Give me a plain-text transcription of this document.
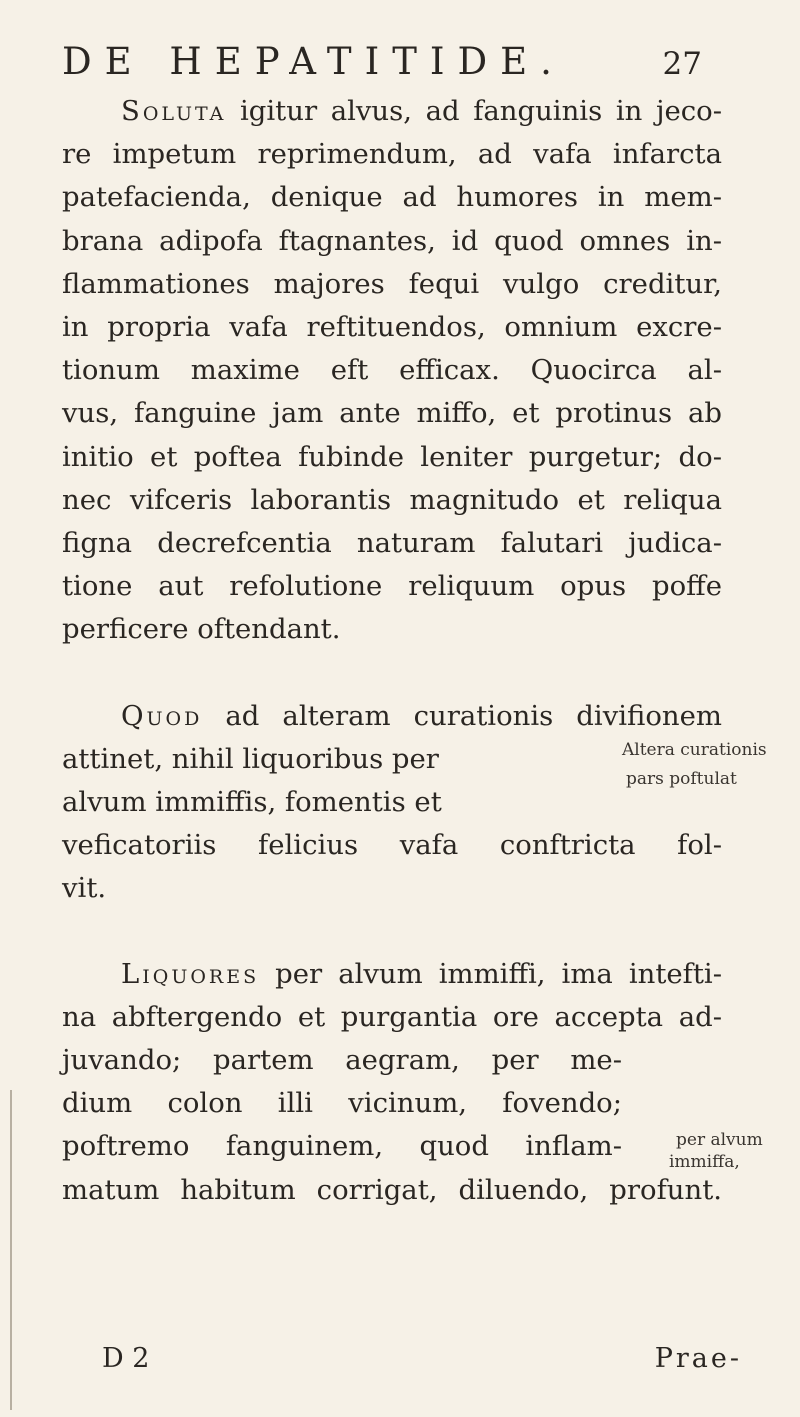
DE HEPATITIDE.	27

Soluta igitur alvus, ad fanguinis in jeco-
re impetum reprimendum, ad vafa infarcta
patefacienda, denique ad humores in mem-
brana adipofa ftagnantes, id quod omnes in-
flammationes majores fequi vulgo creditur,
in propria vafa reftituendos, omnium excre-
tionum maxime eft efficax. Quocirca al-
vus, fanguine jam ante miffo, et protinus ab
initio et poftea fubinde leniter purgetur; do-
nec vifceris laborantis magnitudo et reliqua
figna decrefcentia naturam falutari judica-
tione aut refolutione reliquum opus poffe
perficere oftendant.

Quod ad alteram curationis divifionem
attinet, nihil liquoribus per
alvum immiffis, fomentis et
veficatoriis felicius vafa conftricta fol-
vit.

Liquores per alvum immiffi, ima intefti-
na abftergendo et purgantia ore accepta ad-
juvando; partem aegram, per me-
dium colon illi vicinum, fovendo;
poftremo fanguinem, quod inflam-
matum habitum corrigat, diluendo, profunt.

Altera curationis
pars poftulat
per alvum
immiffa,
D 2	Prae-
